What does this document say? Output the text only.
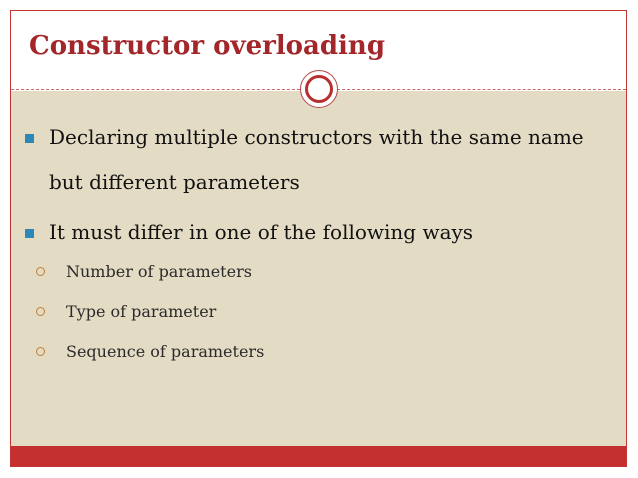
Constructor overloading
Declaring multiple constructors with the same name but different parameters
It must differ in one of the following ways
Number of parameters
Type of parameter
Sequence of parameters
